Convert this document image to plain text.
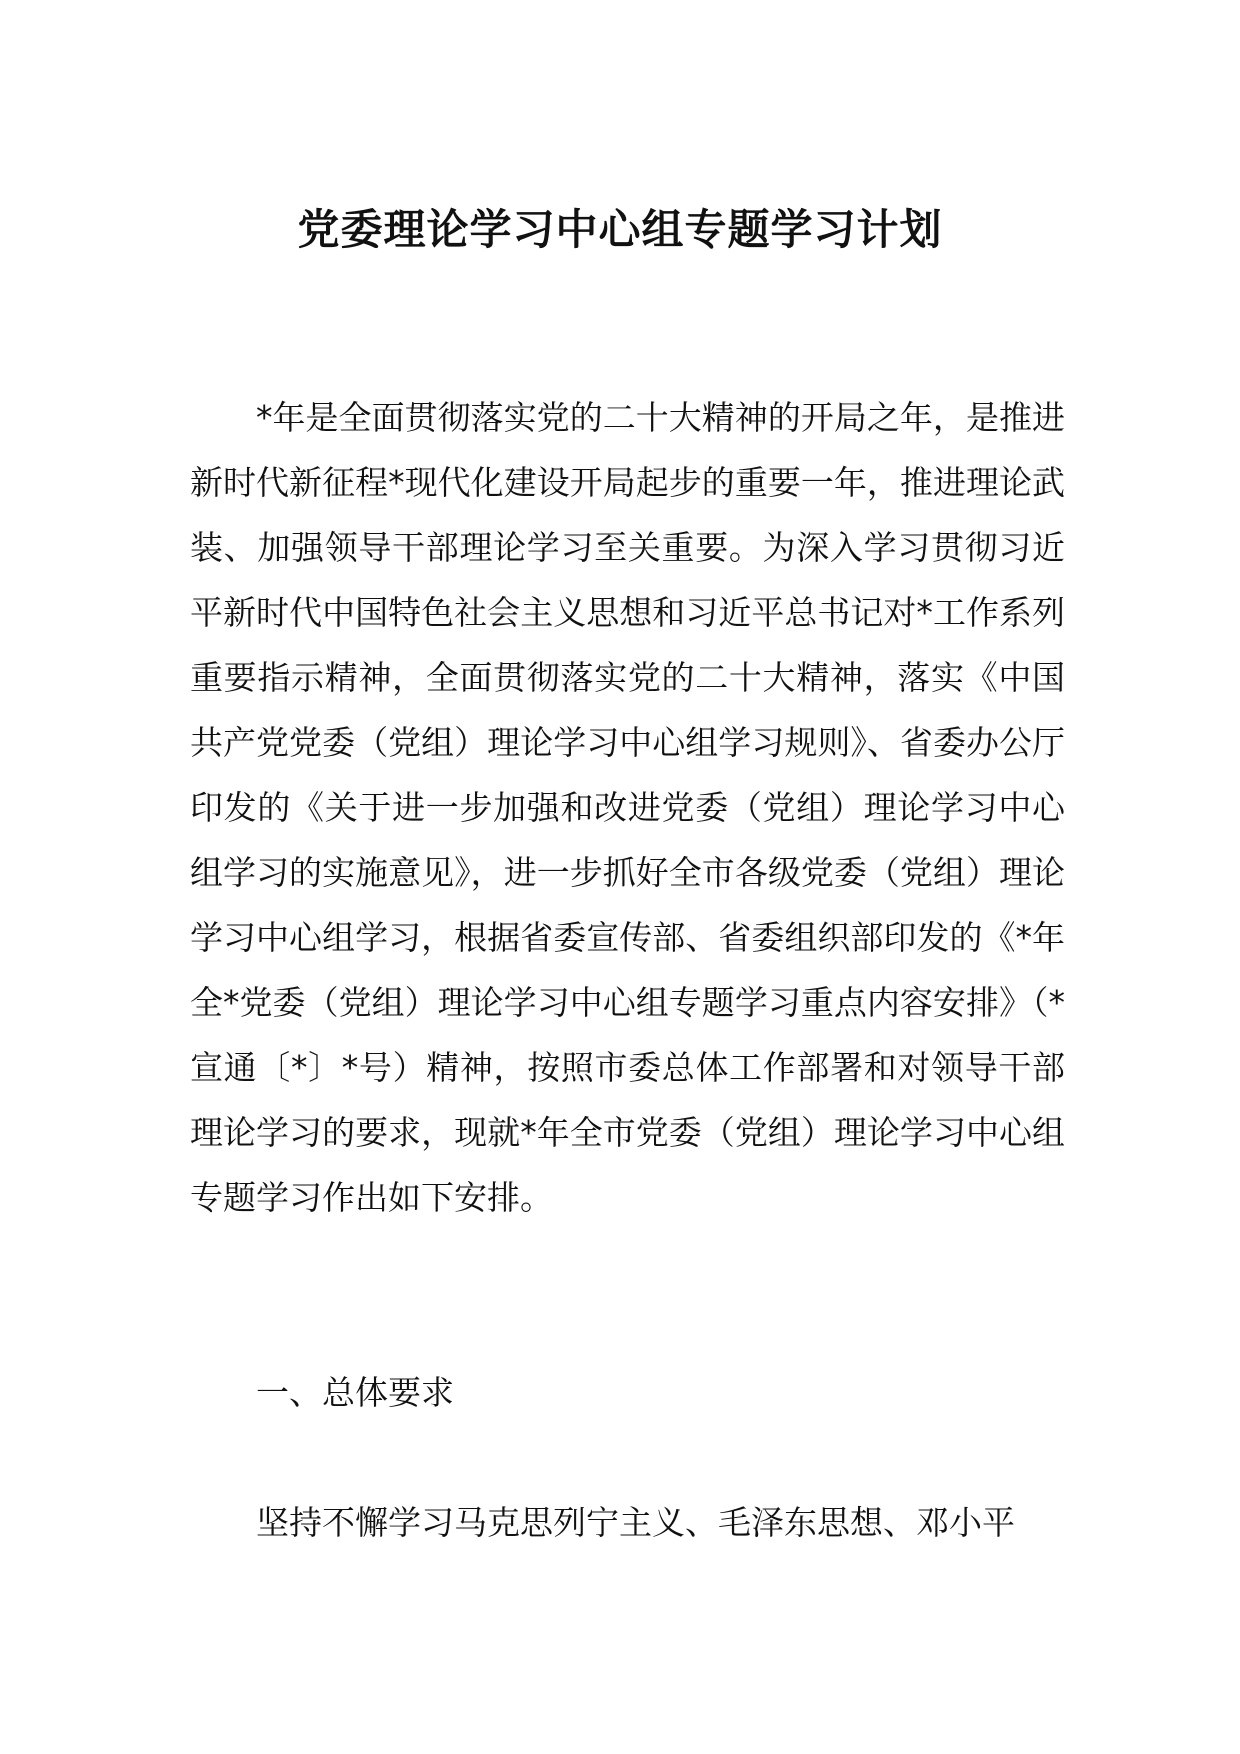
党委理论学习中心组专题学习计划

*年是全面贯彻落实党的二十大精神的开局之年，是推进新时代新征程*现代化建设开局起步的重要一年，推进理论武装、加强领导干部理论学习至关重要。为深入学习贯彻习近平新时代中国特色社会主义思想和习近平总书记对*工作系列重要指示精神，全面贯彻落实党的二十大精神，落实《中国共产党党委（党组）理论学习中心组学习规则》、省委办公厅印发的《关于进一步加强和改进党委（党组）理论学习中心组学习的实施意见》，进一步抓好全市各级党委（党组）理论学习中心组学习，根据省委宣传部、省委组织部印发的《*年全*党委（党组）理论学习中心组专题学习重点内容安排》（*宣通〔*〕*号）精神，按照市委总体工作部署和对领导干部理论学习的要求，现就*年全市党委（党组）理论学习中心组专题学习作出如下安排。

一、总体要求

坚持不懈学习马克思列宁主义、毛泽东思想、邓小平
